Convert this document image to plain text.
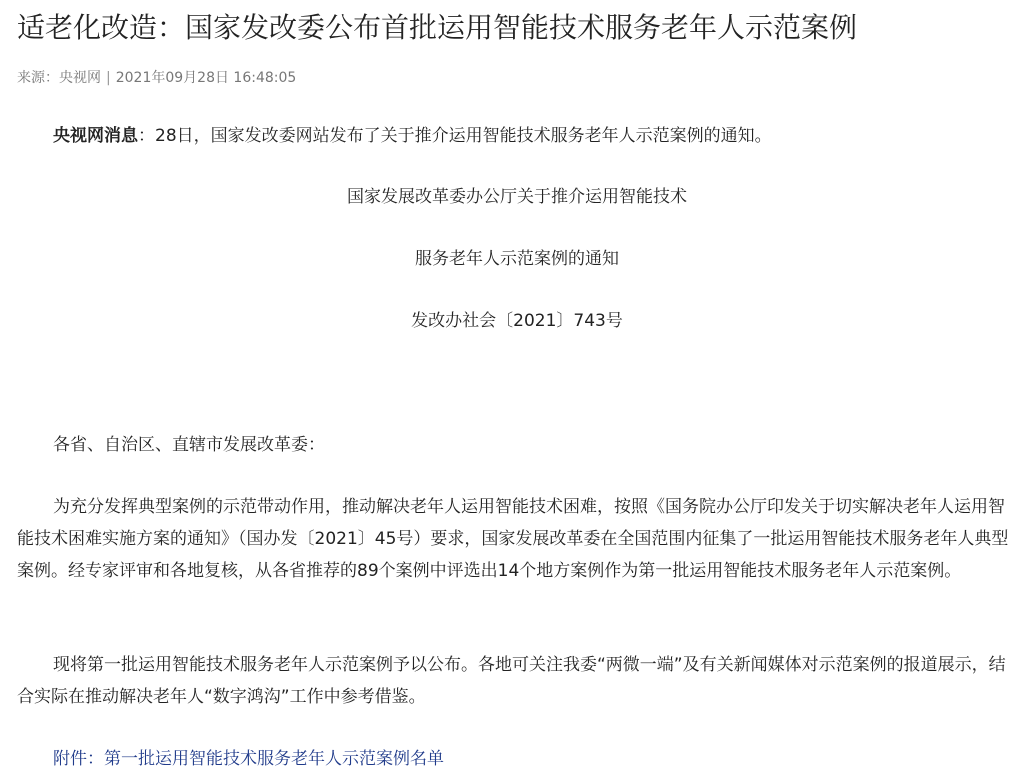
适老化改造：国家发改委公布首批运用智能技术服务老年人示范案例
来源：央视网 | 2021年09月28日 16:48:05

央视网消息：28日，国家发改委网站发布了关于推介运用智能技术服务老年人示范案例的通知。

国家发展改革委办公厅关于推介运用智能技术

服务老年人示范案例的通知

发改办社会〔2021〕743号

各省、自治区、直辖市发展改革委：

为充分发挥典型案例的示范带动作用，推动解决老年人运用智能技术困难，按照《国务院办公厅印发关于切实解决老年人运用智能技术困难实施方案的通知》（国办发〔2021〕45号）要求，国家发展改革委在全国范围内征集了一批运用智能技术服务老年人典型案例。经专家评审和各地复核，从各省推荐的89个案例中评选出14个地方案例作为第一批运用智能技术服务老年人示范案例。

现将第一批运用智能技术服务老年人示范案例予以公布。各地可关注我委“两微一端”及有关新闻媒体对示范案例的报道展示，结合实际在推动解决老年人“数字鸿沟”工作中参考借鉴。

附件：第一批运用智能技术服务老年人示范案例名单
